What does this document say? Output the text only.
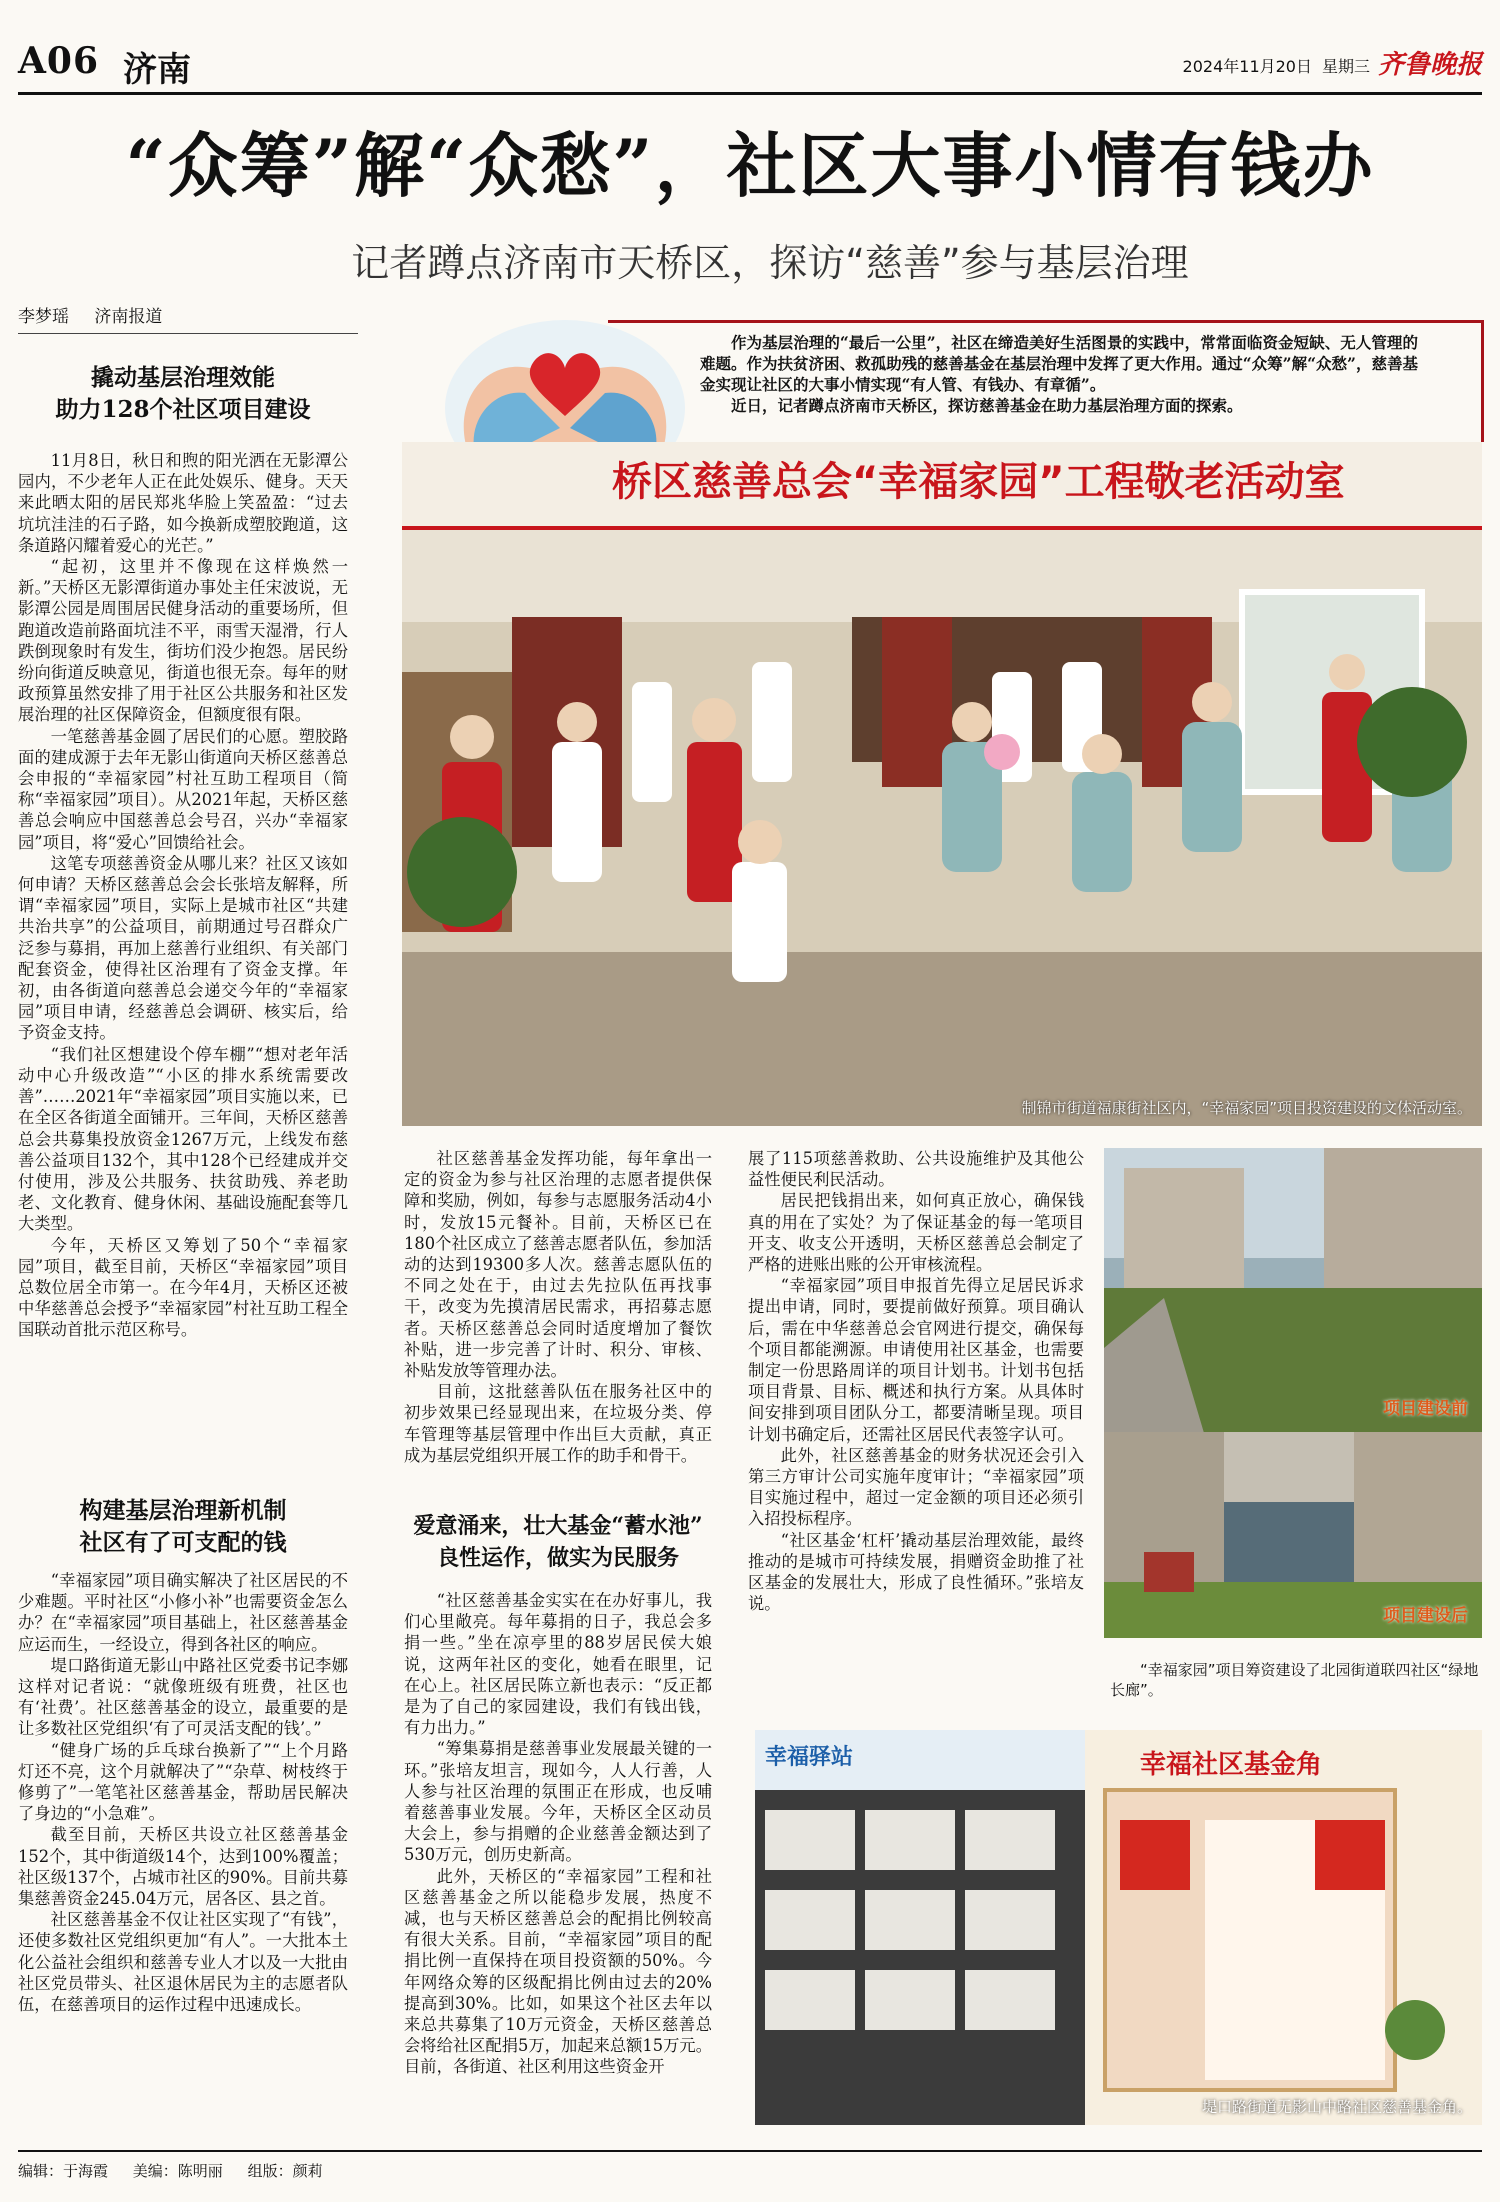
A06 济南	2024年11月20日 星期三 齐鲁晚报
“众筹”解“众愁”，社区大事小情有钱办
记者蹲点济南市天桥区，探访“慈善”参与基层治理
李梦瑶 济南报道

作为基层治理的“最后一公里”，社区在缔造美好生活图景的实践中，常常面临资金短缺、无人管理的难题。作为扶贫济困、救孤助残的慈善基金在基层治理中发挥了更大作用。通过“众筹”解“众愁”，慈善基金实现让社区的大事小情实现“有人管、有钱办、有章循”。

近日，记者蹲点济南市天桥区，探访慈善基金在助力基层治理方面的探索。

撬动基层治理效能
助力128个社区项目建设

11月8日，秋日和煦的阳光洒在无影潭公园内，不少老年人正在此处娱乐、健身。天天来此晒太阳的居民郑兆华脸上笑盈盈：“过去坑坑洼洼的石子路，如今换新成塑胶跑道，这条道路闪耀着爱心的光芒。”

“起初，这里并不像现在这样焕然一新。”天桥区无影潭街道办事处主任宋波说，无影潭公园是周围居民健身活动的重要场所，但跑道改造前路面坑洼不平，雨雪天湿滑，行人跌倒现象时有发生，街坊们没少抱怨。居民纷纷向街道反映意见，街道也很无奈。每年的财政预算虽然安排了用于社区公共服务和社区发展治理的社区保障资金，但额度很有限。

一笔慈善基金圆了居民们的心愿。塑胶路面的建成源于去年无影山街道向天桥区慈善总会申报的“幸福家园”村社互助工程项目（简称“幸福家园”项目）。从2021年起，天桥区慈善总会响应中国慈善总会号召，兴办“幸福家园”项目，将“爱心”回馈给社会。

这笔专项慈善资金从哪儿来？社区又该如何申请？天桥区慈善总会会长张培友解释，所谓“幸福家园”项目，实际上是城市社区“共建共治共享”的公益项目，前期通过号召群众广泛参与募捐，再加上慈善行业组织、有关部门配套资金，使得社区治理有了资金支撑。年初，由各街道向慈善总会递交今年的“幸福家园”项目申请，经慈善总会调研、核实后，给予资金支持。

“我们社区想建设个停车棚”“想对老年活动中心升级改造”“小区的排水系统需要改善”……2021年“幸福家园”项目实施以来，已在全区各街道全面铺开。三年间，天桥区慈善总会共募集投放资金1267万元，上线发布慈善公益项目132个，其中128个已经建成并交付使用，涉及公共服务、扶贫助残、养老助老、文化教育、健身休闲、基础设施配套等几大类型。

今年，天桥区又筹划了50个“幸福家园”项目，截至目前，天桥区“幸福家园”项目总数位居全市第一。在今年4月，天桥区还被中华慈善总会授予“幸福家园”村社互助工程全国联动首批示范区称号。

构建基层治理新机制
社区有了可支配的钱

“幸福家园”项目确实解决了社区居民的不少难题。平时社区“小修小补”也需要资金怎么办？在“幸福家园”项目基础上，社区慈善基金应运而生，一经设立，得到各社区的响应。

堤口路街道无影山中路社区党委书记李娜这样对记者说：“就像班级有班费，社区也有‘社费’。社区慈善基金的设立，最重要的是让多数社区党组织‘有了可灵活支配的钱’。”

“健身广场的乒乓球台换新了”“上个月路灯还不亮，这个月就解决了”“杂草、树枝终于修剪了”一笔笔社区慈善基金，帮助居民解决了身边的“小急难”。

截至目前，天桥区共设立社区慈善基金152个，其中街道级14个，达到100%覆盖；社区级137个，占城市社区的90%。目前共募集慈善资金245.04万元，居各区、县之首。

社区慈善基金不仅让社区实现了“有钱”，还使多数社区党组织更加“有人”。一大批本土化公益社会组织和慈善专业人才以及一大批由社区党员带头、社区退休居民为主的志愿者队伍，在慈善项目的运作过程中迅速成长。

社区慈善基金发挥功能，每年拿出一定的资金为参与社区治理的志愿者提供保障和奖励，例如，每参与志愿服务活动4小时，发放15元餐补。目前，天桥区已在180个社区成立了慈善志愿者队伍，参加活动的达到19300多人次。慈善志愿队伍的不同之处在于，由过去先拉队伍再找事干，改变为先摸清居民需求，再招募志愿者。天桥区慈善总会同时适度增加了餐饮补贴，进一步完善了计时、积分、审核、补贴发放等管理办法。

目前，这批慈善队伍在服务社区中的初步效果已经显现出来，在垃圾分类、停车管理等基层管理中作出巨大贡献，真正成为基层党组织开展工作的助手和骨干。

爱意涌来，壮大基金“蓄水池”
良性运作，做实为民服务

“社区慈善基金实实在在办好事儿，我们心里敞亮。每年募捐的日子，我总会多捐一些。”坐在凉亭里的88岁居民侯大娘说，这两年社区的变化，她看在眼里，记在心上。社区居民陈立新也表示：“反正都是为了自己的家园建设，我们有钱出钱，有力出力。”

“筹集募捐是慈善事业发展最关键的一环。”张培友坦言，现如今，人人行善，人人参与社区治理的氛围正在形成，也反哺着慈善事业发展。今年，天桥区全区动员大会上，参与捐赠的企业慈善金额达到了530万元，创历史新高。

此外，天桥区的“幸福家园”工程和社区慈善基金之所以能稳步发展，热度不减，也与天桥区慈善总会的配捐比例较高有很大关系。目前，“幸福家园”项目的配捐比例一直保持在项目投资额的50%。今年网络众筹的区级配捐比例由过去的20%提高到30%。比如，如果这个社区去年以来总共募集了10万元资金，天桥区慈善总会将给社区配捐5万，加起来总额15万元。目前，各街道、社区利用这些资金开

展了115项慈善救助、公共设施维护及其他公益性便民利民活动。

居民把钱捐出来，如何真正放心，确保钱真的用在了实处？为了保证基金的每一笔项目开支、收支公开透明，天桥区慈善总会制定了严格的进账出账的公开审核流程。

“幸福家园”项目申报首先得立足居民诉求提出申请，同时，要提前做好预算。项目确认后，需在中华慈善总会官网进行提交，确保每个项目都能溯源。申请使用社区基金，也需要制定一份思路周详的项目计划书。计划书包括项目背景、目标、概述和执行方案。从具体时间安排到项目团队分工，都要清晰呈现。项目计划书确定后，还需社区居民代表签字认可。

此外，社区慈善基金的财务状况还会引入第三方审计公司实施年度审计；“幸福家园”项目实施过程中，超过一定金额的项目还必须引入招投标程序。

“社区基金‘杠杆’撬动基层治理效能，最终推动的是城市可持续发展，捐赠资金助推了社区基金的发展壮大，形成了良性循环。”张培友说。

桥区慈善总会“幸福家园”工程敬老活动室
制锦市街道福康街社区内，“幸福家园”项目投资建设的文体活动室。
项目建设前
项目建设后
“幸福家园”项目筹资建设了北园街道联四社区“绿地长廊”。
幸福驿站	幸福社区基金角
堤口路街道无影山中路社区慈善基金角。
编辑：于海霞 美编：陈明丽 组版：颜莉
